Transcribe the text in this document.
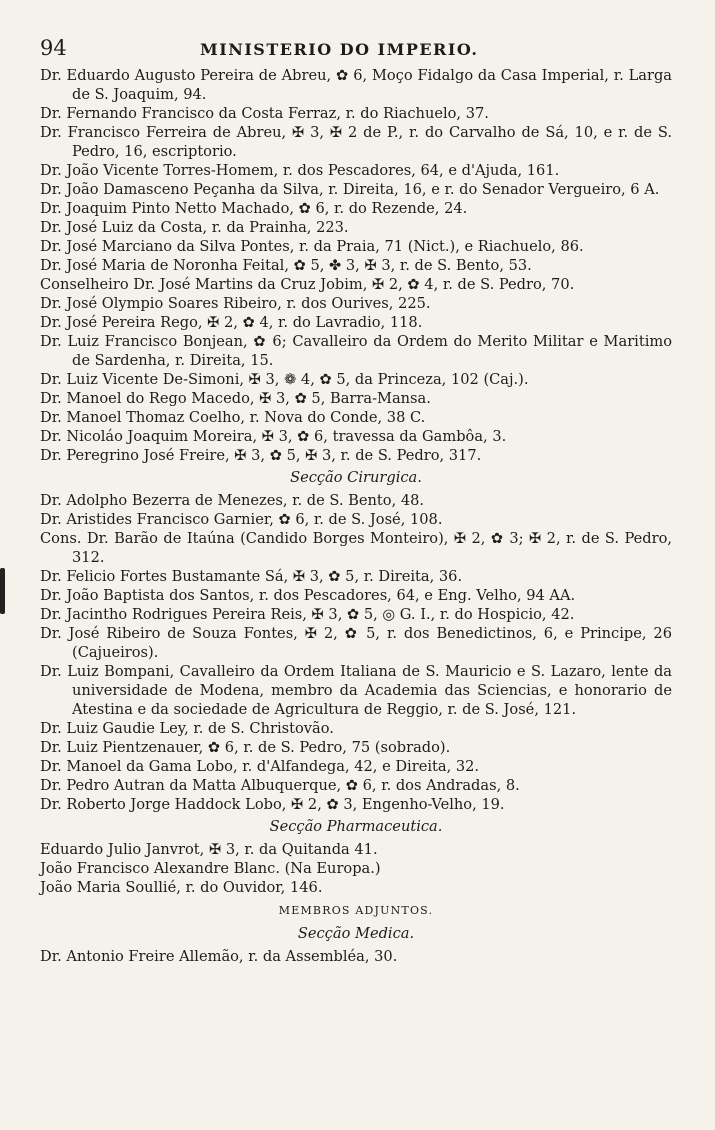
94	MINISTERIO DO IMPERIO.

Dr. Eduardo Augusto Pereira de Abreu, ✿ 6, Moço Fidalgo da Casa Imperial, r. Larga de S. Joaquim, 94.

Dr. Fernando Francisco da Costa Ferraz, r. do Riachuelo, 37.

Dr. Francisco Ferreira de Abreu, ✠ 3, ✠ 2 de P., r. do Carvalho de Sá, 10, e r. de S. Pedro, 16, escriptorio.

Dr. João Vicente Torres-Homem, r. dos Pescadores, 64, e d'Ajuda, 161.

Dr. João Damasceno Peçanha da Silva, r. Direita, 16, e r. do Senador Vergueiro, 6 A.

Dr. Joaquim Pinto Netto Machado, ✿ 6, r. do Rezende, 24.

Dr. José Luiz da Costa, r. da Prainha, 223.

Dr. José Marciano da Silva Pontes, r. da Praia, 71 (Nict.), e Riachuelo, 86.

Dr. José Maria de Noronha Feital, ✿ 5, ✤ 3, ✠ 3, r. de S. Bento, 53.

Conselheiro Dr. José Martins da Cruz Jobim, ✠ 2, ✿ 4, r. de S. Pedro, 70.

Dr. José Olympio Soares Ribeiro, r. dos Ourives, 225.

Dr. José Pereira Rego, ✠ 2, ✿ 4, r. do Lavradio, 118.

Dr. Luiz Francisco Bonjean, ✿ 6; Cavalleiro da Ordem do Merito Militar e Maritimo de Sardenha, r. Direita, 15.

Dr. Luiz Vicente De-Simoni, ✠ 3, ❁ 4, ✿ 5, da Princeza, 102 (Caj.).

Dr. Manoel do Rego Macedo, ✠ 3, ✿ 5, Barra-Mansa.

Dr. Manoel Thomaz Coelho, r. Nova do Conde, 38 C.

Dr. Nicoláo Joaquim Moreira, ✠ 3, ✿ 6, travessa da Gambôa, 3.

Dr. Peregrino José Freire, ✠ 3, ✿ 5, ✠ 3, r. de S. Pedro, 317.

Secção Cirurgica.

Dr. Adolpho Bezerra de Menezes, r. de S. Bento, 48.

Dr. Aristides Francisco Garnier, ✿ 6, r. de S. José, 108.

Cons. Dr. Barão de Itaúna (Candido Borges Monteiro), ✠ 2, ✿ 3; ✠ 2, r. de S. Pedro, 312.

Dr. Felicio Fortes Bustamante Sá, ✠ 3, ✿ 5, r. Direita, 36.

Dr. João Baptista dos Santos, r. dos Pescadores, 64, e Eng. Velho, 94 AA.

Dr. Jacintho Rodrigues Pereira Reis, ✠ 3, ✿ 5, ◎ G. I., r. do Hospicio, 42.

Dr. José Ribeiro de Souza Fontes, ✠ 2, ✿ 5, r. dos Benedictinos, 6, e Principe, 26 (Cajueiros).

Dr. Luiz Bompani, Cavalleiro da Ordem Italiana de S. Mauricio e S. Lazaro, lente da universidade de Modena, membro da Academia das Sciencias, e honorario de Atestina e da sociedade de Agricultura de Reggio, r. de S. José, 121.

Dr. Luiz Gaudie Ley, r. de S. Christovão.

Dr. Luiz Pientzenauer, ✿ 6, r. de S. Pedro, 75 (sobrado).

Dr. Manoel da Gama Lobo, r. d'Alfandega, 42, e Direita, 32.

Dr. Pedro Autran da Matta Albuquerque, ✿ 6, r. dos Andradas, 8.

Dr. Roberto Jorge Haddock Lobo, ✠ 2, ✿ 3, Engenho-Velho, 19.

Secção Pharmaceutica.

Eduardo Julio Janvrot, ✠ 3, r. da Quitanda 41.

João Francisco Alexandre Blanc. (Na Europa.)

João Maria Soullié, r. do Ouvidor, 146.

MEMBROS ADJUNTOS.
Secção Medica.

Dr. Antonio Freire Allemão, r. da Assembléa, 30.
